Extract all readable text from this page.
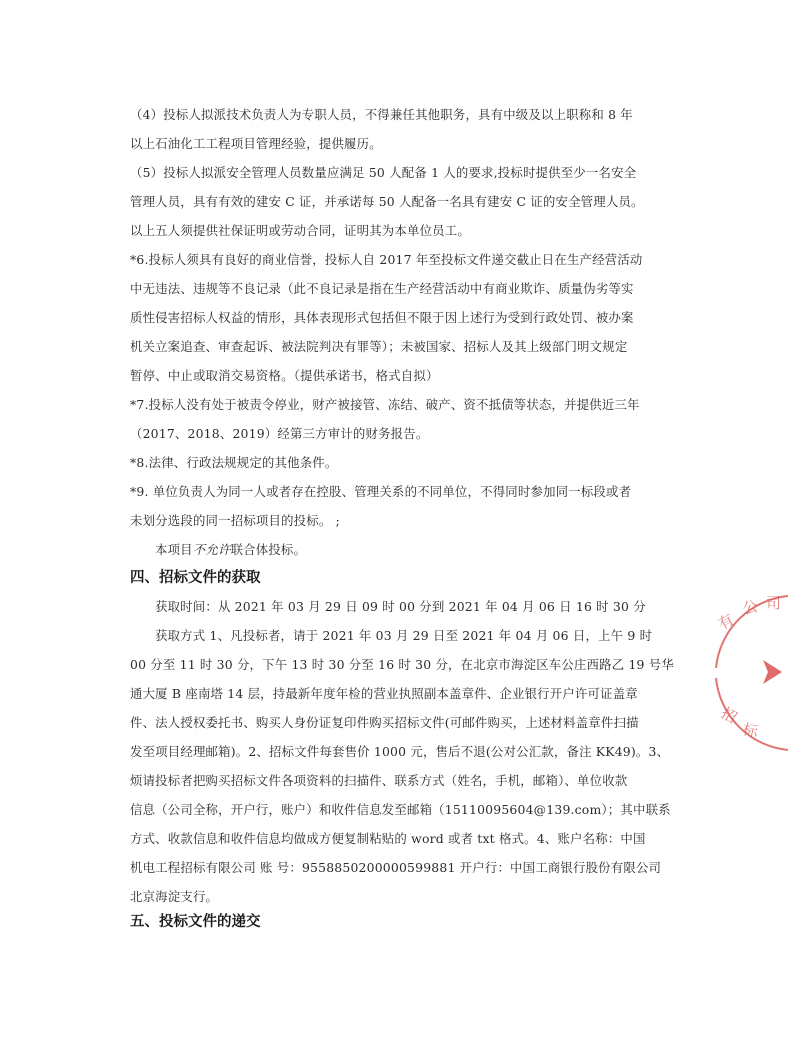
（4）投标人拟派技术负责人为专职人员，不得兼任其他职务，具有中级及以上职称和 8 年
以上石油化工工程项目管理经验，提供履历。
（5）投标人拟派安全管理人员数量应满足 50 人配备 1 人的要求,投标时提供至少一名安全
管理人员，具有有效的建安 C 证，并承诺每 50 人配备一名具有建安 C 证的安全管理人员。
以上五人须提供社保证明或劳动合同，证明其为本单位员工。
*6.投标人须具有良好的商业信誉，投标人自 2017 年至投标文件递交截止日在生产经营活动
中无违法、违规等不良记录（此不良记录是指在生产经营活动中有商业欺诈、质量伪劣等实
质性侵害招标人权益的情形，具体表现形式包括但不限于因上述行为受到行政处罚、被办案
机关立案追查、审查起诉、被法院判决有罪等）；未被国家、招标人及其上级部门明文规定
暂停、中止或取消交易资格。（提供承诺书，格式自拟）
*7.投标人没有处于被责令停业，财产被接管、冻结、破产、资不抵债等状态，并提供近三年
（2017、2018、2019）经第三方审计的财务报告。
*8.法律、行政法规规定的其他条件。
*9. 单位负责人为同一人或者存在控股、管理关系的不同单位，不得同时参加同一标段或者
未划分选段的同一招标项目的投标。 ;
本项目不允许联合体投标。
四、招标文件的获取
获取时间：从 2021 年 03 月 29 日 09 时 00 分到 2021 年 04 月 06 日 16 时 30 分
获取方式 1、凡投标者，请于 2021 年 03 月 29 日至 2021 年 04 月 06 日，上午 9 时
00 分至 11 时 30 分，下午 13 时 30 分至 16 时 30 分，在北京市海淀区车公庄西路乙 19 号华
通大厦 B 座南塔 14 层，持最新年度年检的营业执照副本盖章件、企业银行开户许可证盖章
件、法人授权委托书、购买人身份证复印件购买招标文件(可邮件购买，上述材料盖章件扫描
发至项目经理邮箱)。2、招标文件每套售价 1000 元，售后不退(公对公汇款，备注 KK49)。3、
烦请投标者把购买招标文件各项资料的扫描件、联系方式（姓名，手机，邮箱）、单位收款
信息（公司全称，开户行，账户）和收件信息发至邮箱（15110095604@139.com）；其中联系
方式、收款信息和收件信息均做成方便复制粘贴的 word 或者 txt 格式。4、账户名称：中国
机电工程招标有限公司 账 号：9558850200000599881 开户行：中国工商银行股份有限公司
北京海淀支行。
五、投标文件的递交
有
公 司
招
标
